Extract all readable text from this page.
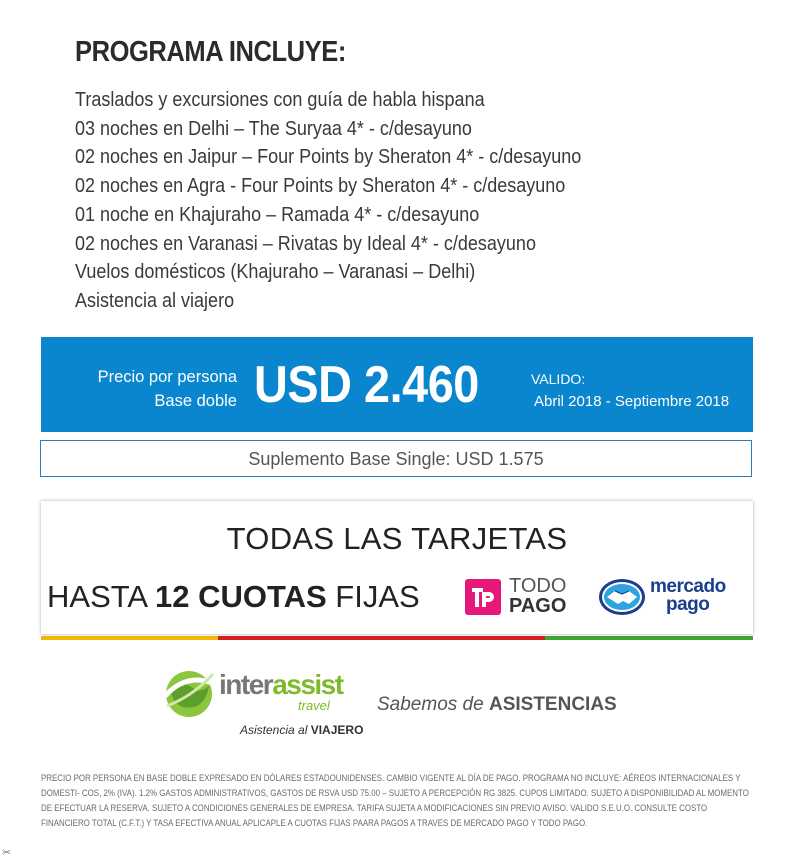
PROGRAMA INCLUYE:
Traslados y excursiones con guía de habla hispana
03 noches en Delhi – The Suryaa 4* - c/desayuno
02 noches en Jaipur – Four Points by Sheraton 4* - c/desayuno
02 noches en Agra - Four Points by Sheraton 4* - c/desayuno
01 noche en Khajuraho – Ramada 4* - c/desayuno
02 noches en Varanasi – Rivatas by Ideal 4* - c/desayuno
Vuelos domésticos (Khajuraho – Varanasi – Delhi)
Asistencia al viajero
Precio por persona
Base doble USD 2.460	VALIDO:
Abril 2018 - Septiembre 2018
Suplemento Base Single: USD 1.575
TODAS LAS TARJETAS
HASTA 12 CUOTAS FIJAS	TODO
PAGO
mercado
pago
interassist
travel
Asistencia al VIAJERO
Sabemos de ASISTENCIAS

PRECIO POR PERSONA EN BASE DOBLE EXPRESADO EN DÓLARES ESTADOUNIDENSES. CAMBIO VIGENTE AL DÍA DE PAGO. PROGRAMA NO INCLUYE: AÉREOS INTERNACIONALES Y DOMESTI- COS, 2% (IVA). 1.2% GASTOS ADMINISTRATIVOS, GASTOS DE RSVA USD 75.00 – SUJETO A PERCEPCIÓN RG 3825. CUPOS LIMITADO. SUJETO A DISPONIBILIDAD AL MOMENTO DE EFECTUAR LA RESERVA. SUJETO A CONDICIONES GENERALES DE EMPRESA. TARIFA SUJETA A MODIFICACIONES SIN PREVIO AVISO. VALIDO S.E.U.O. CONSULTE COSTO FINANCIERO TOTAL (C.F.T.) Y TASA EFECTIVA ANUAL APLICAPLE A CUOTAS FIJAS PAARA PAGOS A TRAVES DE MERCADO PAGO Y TODO PAGO.

✂
